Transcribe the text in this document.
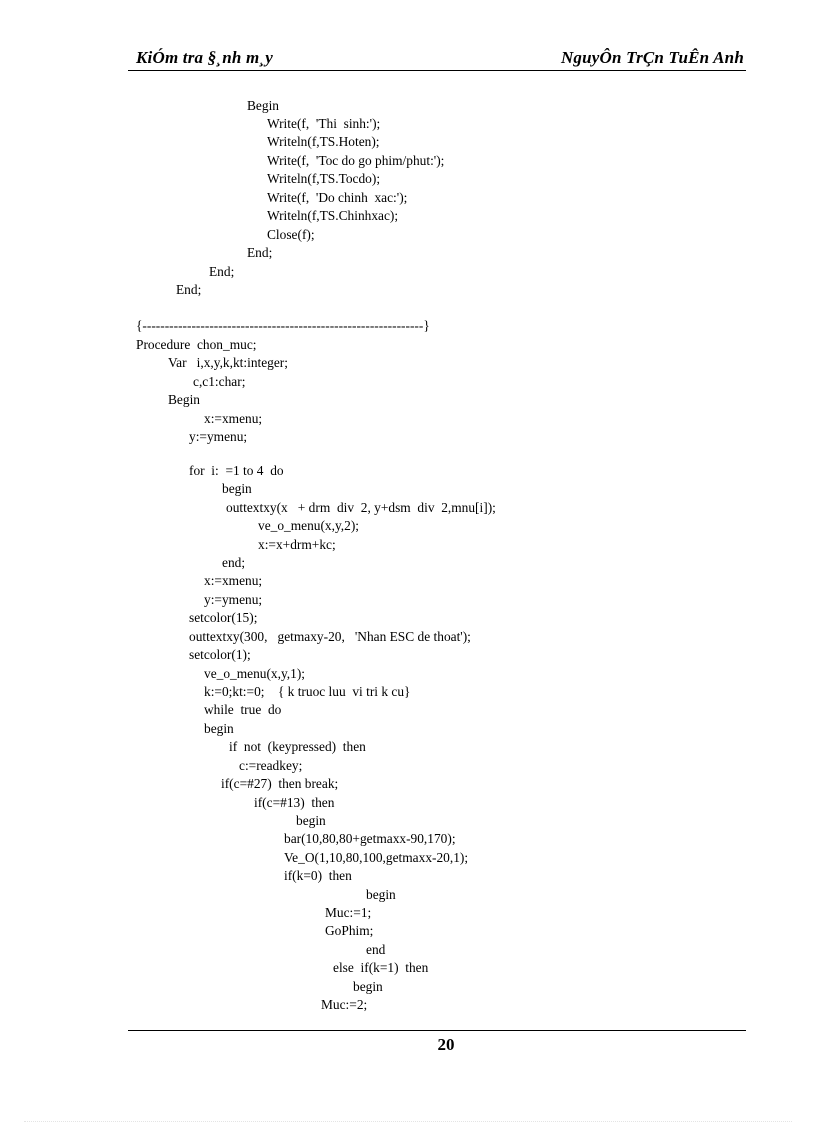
KiÓm tra §¸nh m¸y	NguyÔn TrÇn TuÊn Anh
Begin
Write(f,  'Thi  sinh:');
Writeln(f,TS.Hoten);
Write(f,  'Toc do go phim/phut:');
Writeln(f,TS.Tocdo);
Write(f,  'Do chinh  xac:');
Writeln(f,TS.Chinhxac);
Close(f);
End;
End;
End;
{---------------------------------------------------------------}
Procedure  chon_muc;
Var   i,x,y,k,kt:integer;
c,c1:char;
Begin
x:=xmenu;
y:=ymenu;
for  i:  =1 to 4  do
begin
outtextxy(x   + drm  div  2, y+dsm  div  2,mnu[i]);
ve_o_menu(x,y,2);
x:=x+drm+kc;
end;
x:=xmenu;
y:=ymenu;
setcolor(15);
outtextxy(300,   getmaxy-20,   'Nhan ESC de thoat');
setcolor(1);
ve_o_menu(x,y,1);
k:=0;kt:=0;    { k truoc luu  vi tri k cu}
while  true  do
begin
if  not  (keypressed)  then
c:=readkey;
if(c=#27)  then break;
if(c=#13)  then
begin
bar(10,80,80+getmaxx-90,170);
Ve_O(1,10,80,100,getmaxx-20,1);
if(k=0)  then
begin
Muc:=1;
GoPhim;
end
else  if(k=1)  then
begin
Muc:=2;
20
